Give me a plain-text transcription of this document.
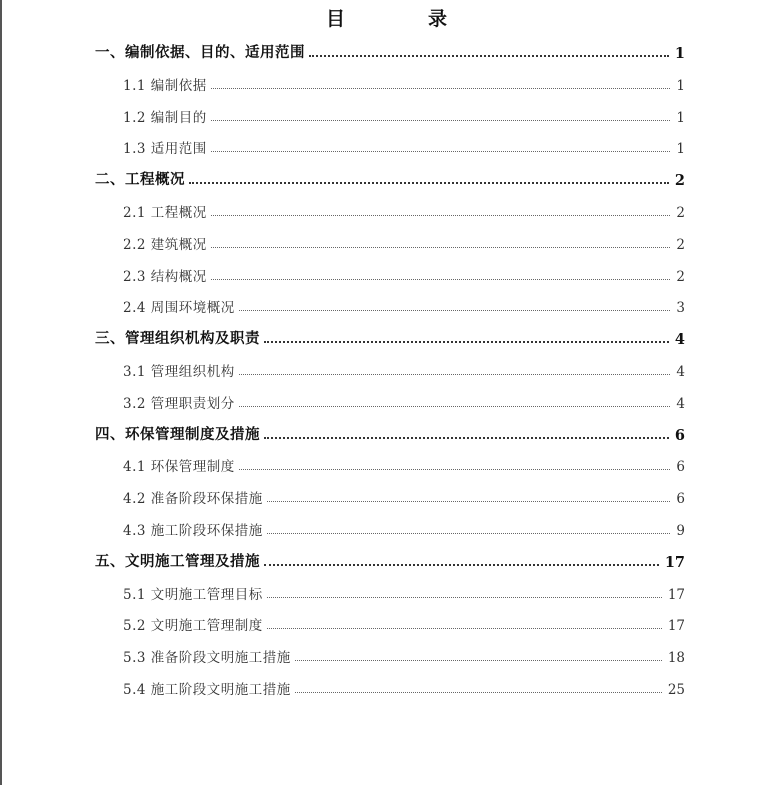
目　录
一、编制依据、目的、适用范围	1
1.1 编制依据	1
1.2 编制目的	1
1.3 适用范围	1
二、工程概况	2
2.1 工程概况	2
2.2 建筑概况	2
2.3 结构概况	2
2.4 周围环境概况	3
三、管理组织机构及职责	4
3.1 管理组织机构	4
3.2 管理职责划分	4
四、环保管理制度及措施	6
4.1 环保管理制度	6
4.2 准备阶段环保措施	6
4.3 施工阶段环保措施	9
五、文明施工管理及措施	17
5.1 文明施工管理目标	17
5.2 文明施工管理制度	17
5.3 准备阶段文明施工措施	18
5.4 施工阶段文明施工措施	25
